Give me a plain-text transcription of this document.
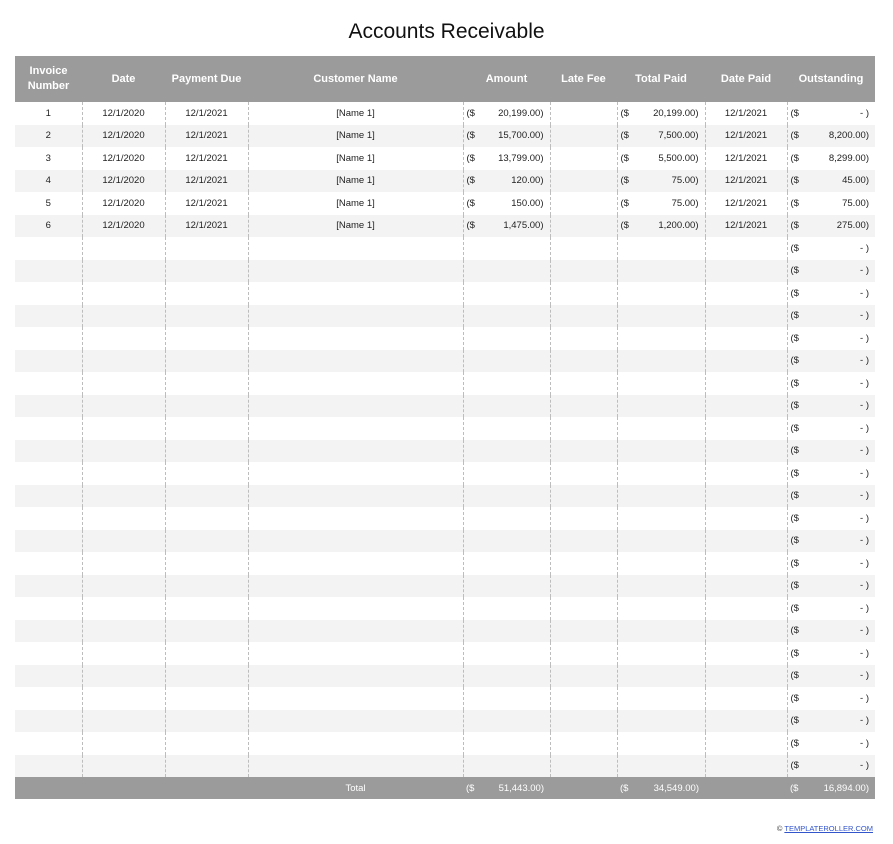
Accounts Receivable
Invoice
Number	Date	Payment Due	Customer Name	Amount	Late Fee	Total Paid	Date Paid	Outstanding
1	12/1/2020	12/1/2021	[Name 1]	($ 20,199.00)		($ 20,199.00)	12/1/2021	($ - )

2	12/1/2020	12/1/2021	[Name 1]	($ 15,700.00)		($ 7,500.00)	12/1/2021	($ 8,200.00)

3	12/1/2020	12/1/2021	[Name 1]	($ 13,799.00)		($ 5,500.00)	12/1/2021	($ 8,299.00)

4	12/1/2020	12/1/2021	[Name 1]	($ 120.00)		($ 75.00)	12/1/2021	($ 45.00)

5	12/1/2020	12/1/2021	[Name 1]	($ 150.00)		($ 75.00)	12/1/2021	($ 75.00)

6	12/1/2020	12/1/2021	[Name 1]	($ 1,475.00)		($ 1,200.00)	12/1/2021	($ 275.00)

								($ - )

								($ - )

								($ - )

								($ - )

								($ - )

								($ - )

								($ - )

								($ - )

								($ - )

								($ - )

								($ - )

								($ - )

								($ - )

								($ - )

								($ - )

								($ - )

								($ - )

								($ - )

								($ - )

								($ - )

								($ - )

								($ - )

								($ - )

								($ - )

			Total	($ 51,443.00)		($ 34,549.00)		($ 16,894.00)
© TEMPLATEROLLER.COM
